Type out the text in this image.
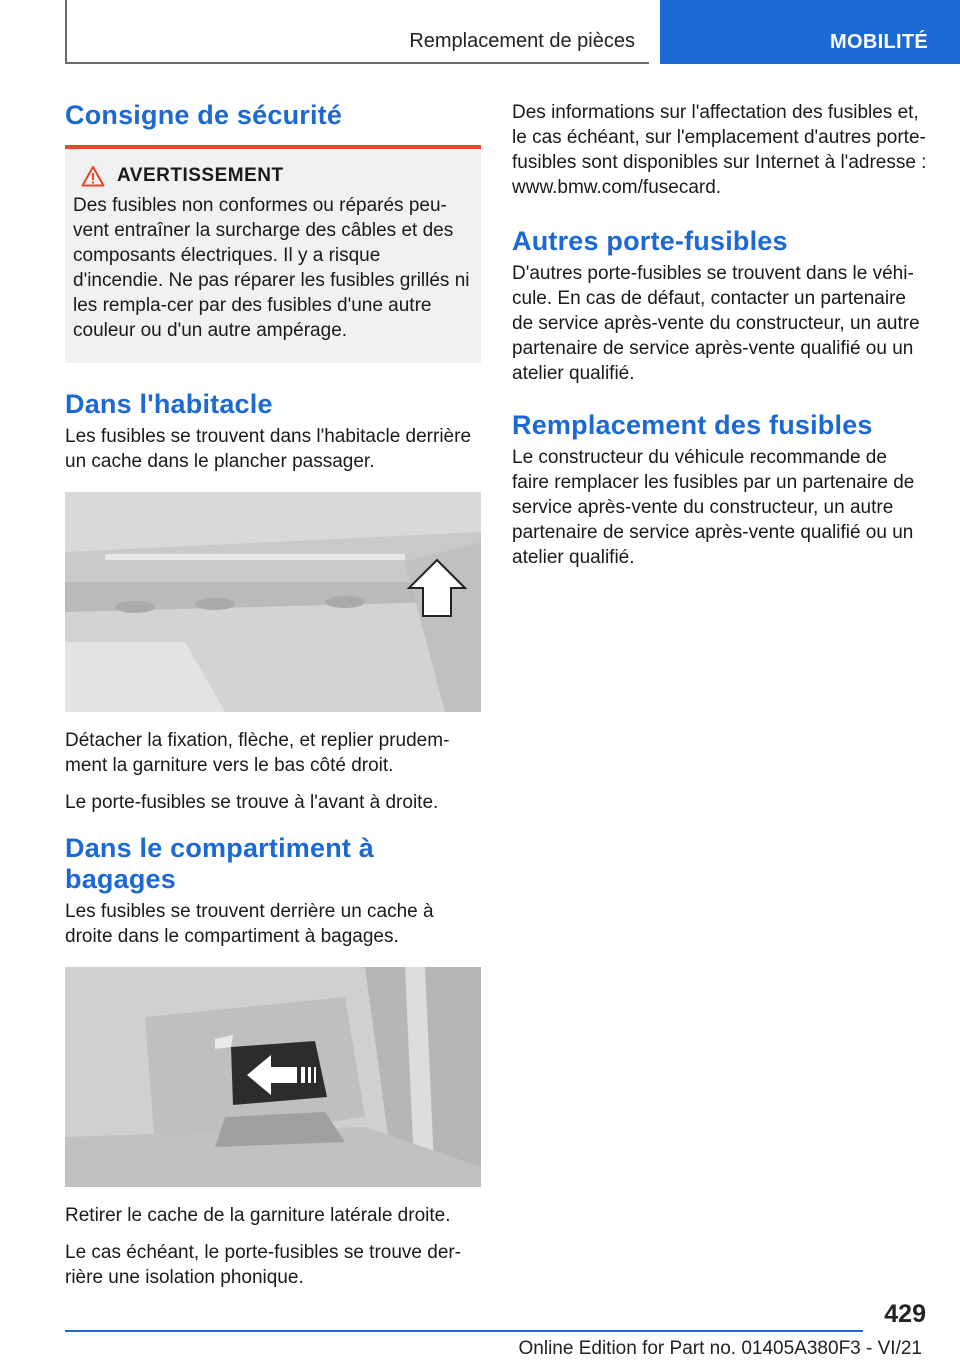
Remplacement de pièces	MOBILITÉ
Consigne de sécurité
AVERTISSEMENT

Des fusibles non conformes ou réparés peu-vent entraîner la surcharge des câbles et des composants électriques. Il y a risque d'incendie. Ne pas réparer les fusibles grillés ni les rempla-cer par des fusibles d'une autre couleur ou d'un autre ampérage.

Dans l'habitacle

Les fusibles se trouvent dans l'habitacle derrière un cache dans le plancher passager.

Détacher la fixation, flèche, et replier prudem-ment la garniture vers le bas côté droit.

Le porte-fusibles se trouve à l'avant à droite.

Dans le compartiment à bagages

Les fusibles se trouvent derrière un cache à droite dans le compartiment à bagages.

Retirer le cache de la garniture latérale droite.

Le cas échéant, le porte-fusibles se trouve der-rière une isolation phonique.

Des informations sur l'affectation des fusibles et, le cas échéant, sur l'emplacement d'autres porte-fusibles sont disponibles sur Internet à l'adresse : www.bmw.com/fusecard.

Autres porte-fusibles

D'autres porte-fusibles se trouvent dans le véhi-cule. En cas de défaut, contacter un partenaire de service après-vente du constructeur, un autre partenaire de service après-vente qualifié ou un atelier qualifié.

Remplacement des fusibles

Le constructeur du véhicule recommande de faire remplacer les fusibles par un partenaire de service après-vente du constructeur, un autre partenaire de service après-vente qualifié ou un atelier qualifié.

429
Online Edition for Part no. 01405A380F3 - VI/21
